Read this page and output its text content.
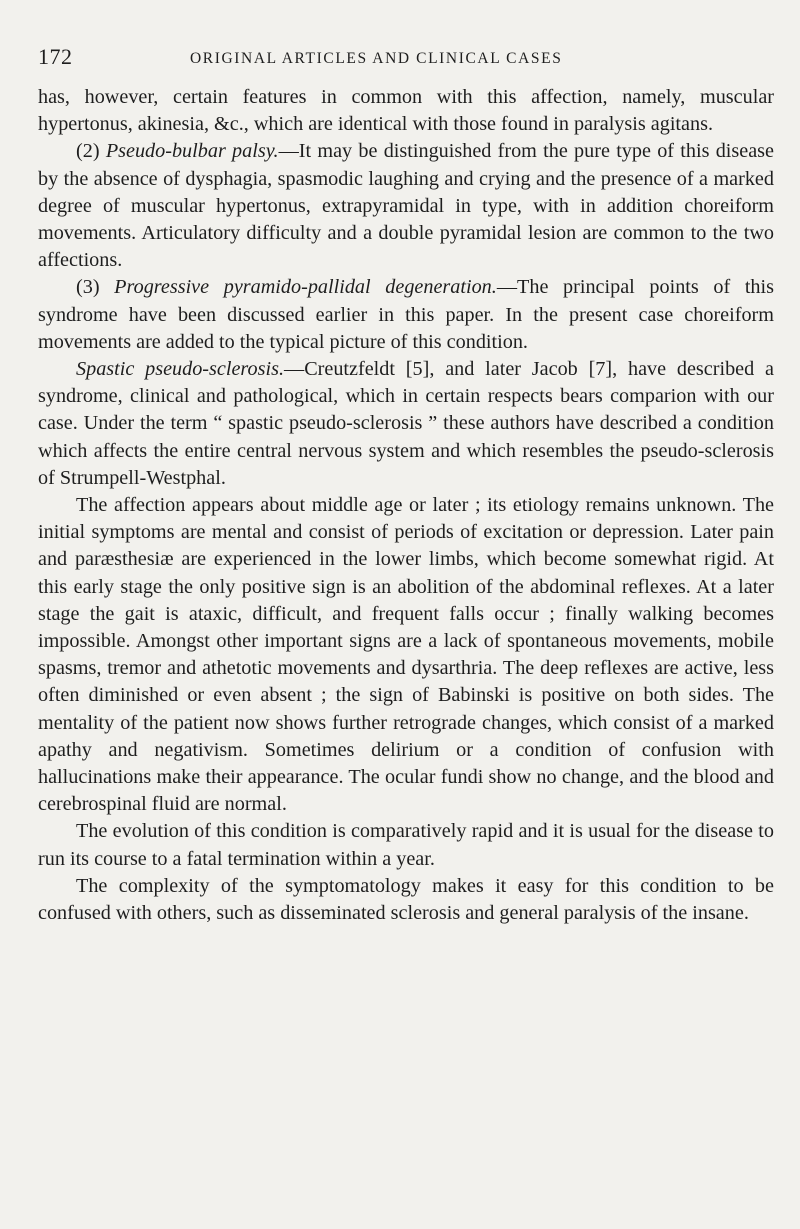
172	ORIGINAL ARTICLES AND CLINICAL CASES

has, however, certain features in common with this affection, namely, muscular hypertonus, akinesia, &c., which are identical with those found in paralysis agitans.

(2) Pseudo-bulbar palsy.—It may be distinguished from the pure type of this disease by the absence of dysphagia, spasmodic laughing and crying and the presence of a marked degree of muscular hypertonus, extrapyramidal in type, with in addition choreiform movements. Articulatory difficulty and a double pyramidal lesion are common to the two affections.

(3) Progressive pyramido-pallidal degeneration.—The principal points of this syndrome have been discussed earlier in this paper. In the present case choreiform movements are added to the typical picture of this condition.

Spastic pseudo-sclerosis.—Creutzfeldt [5], and later Jacob [7], have described a syndrome, clinical and pathological, which in certain respects bears comparion with our case. Under the term “ spastic pseudo-sclerosis ” these authors have described a condition which affects the entire central nervous system and which resembles the pseudo-sclerosis of Strumpell-Westphal.

The affection appears about middle age or later ; its etiology remains unknown. The initial symptoms are mental and consist of periods of excitation or depression. Later pain and paræsthesiæ are experienced in the lower limbs, which become somewhat rigid. At this early stage the only positive sign is an abolition of the abdominal reflexes. At a later stage the gait is ataxic, difficult, and frequent falls occur ; finally walking becomes impossible. Amongst other important signs are a lack of spontaneous movements, mobile spasms, tremor and athetotic movements and dysarthria. The deep reflexes are active, less often diminished or even absent ; the sign of Babinski is positive on both sides. The mentality of the patient now shows further retrograde changes, which consist of a marked apathy and negativism. Sometimes delirium or a condition of confusion with hallucinations make their appearance. The ocular fundi show no change, and the blood and cerebrospinal fluid are normal.

The evolution of this condition is comparatively rapid and it is usual for the disease to run its course to a fatal termination within a year.

The complexity of the symptomatology makes it easy for this condition to be confused with others, such as disseminated sclerosis and general paralysis of the insane.
